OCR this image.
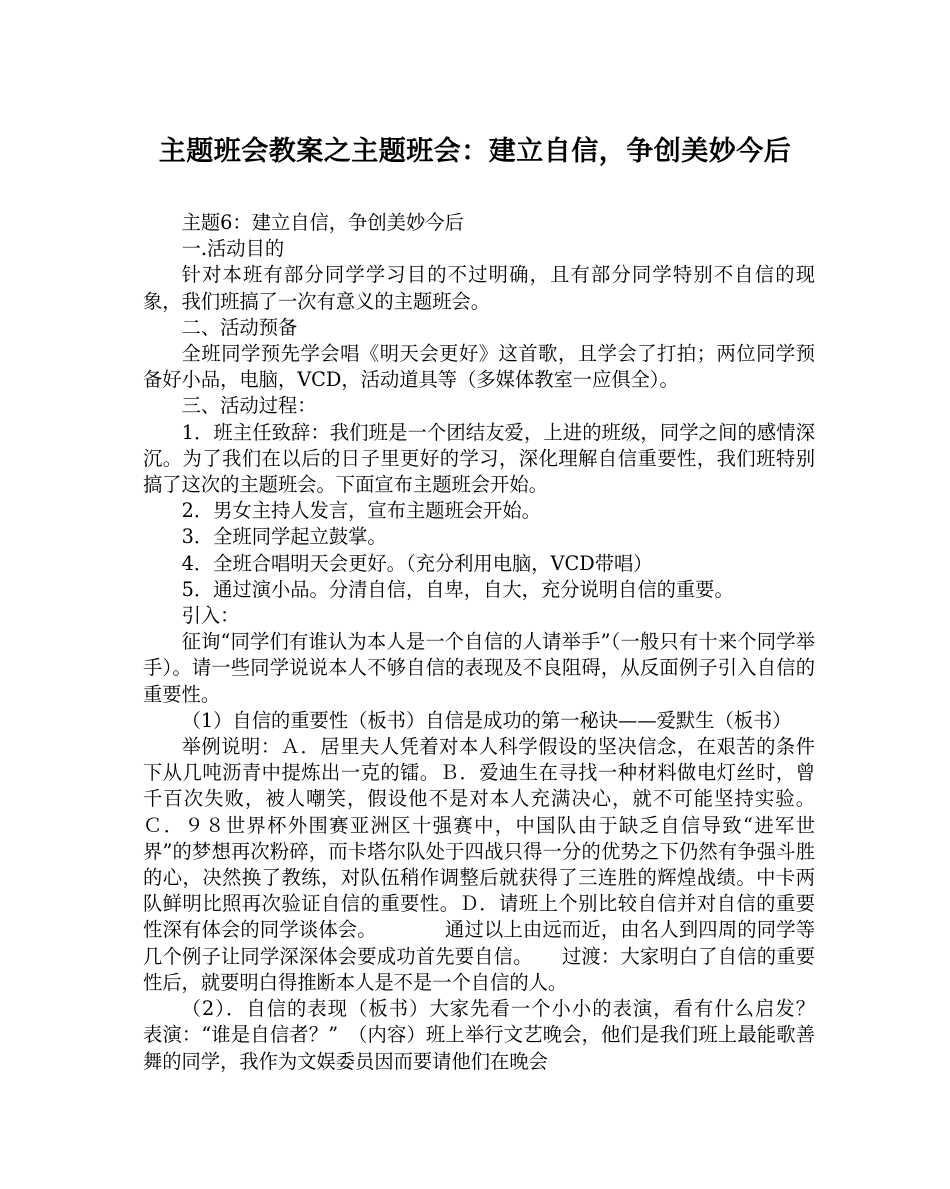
主题班会教案之主题班会：建立自信，争创美妙今后

主题6：建立自信，争创美妙今后

一.活动目的

针对本班有部分同学学习目的不过明确，且有部分同学特别不自信的现象，我们班搞了一次有意义的主题班会。

二、活动预备

全班同学预先学会唱《明天会更好》这首歌，且学会了打拍；两位同学预备好小品，电脑，VCD，活动道具等（多媒体教室一应俱全）。

三、活动过程：

1．班主任致辞：我们班是一个团结友爱，上进的班级，同学之间的感情深沉。为了我们在以后的日子里更好的学习，深化理解自信重要性，我们班特别搞了这次的主题班会。下面宣布主题班会开始。

2．男女主持人发言，宣布主题班会开始。

3．全班同学起立鼓掌。

4．全班合唱明天会更好。（充分利用电脑，VCD带唱）

5．通过演小品。分清自信，自卑，自大，充分说明自信的重要。

引入：

征询“同学们有谁认为本人是一个自信的人请举手”（一般只有十来个同学举手）。请一些同学说说本人不够自信的表现及不良阻碍，从反面例子引入自信的重要性。

（1）自信的重要性（板书）自信是成功的第一秘诀——爱默生（板书）

举例说明：Ａ．居里夫人凭着对本人科学假设的坚决信念，在艰苦的条件下从几吨沥青中提炼出一克的镭。Ｂ．爱迪生在寻找一种材料做电灯丝时，曾千百次失败，被人嘲笑，假设他不是对本人充满决心，就不可能坚持实验。Ｃ．９８世界杯外围赛亚洲区十强赛中，中国队由于缺乏自信导致“进军世界”的梦想再次粉碎，而卡塔尔队处于四战只得一分的优势之下仍然有争强斗胜的心，决然换了教练，对队伍稍作调整后就获得了三连胜的辉煌战绩。中卡两队鲜明比照再次验证自信的重要性。Ｄ．请班上个别比较自信并对自信的重要性深有体会的同学谈体会。　　　　通过以上由远而近，由名人到四周的同学等几个例子让同学深深体会要成功首先要自信。　　过渡：大家明白了自信的重要性后，就要明白得推断本人是不是一个自信的人。

（2）．自信的表现（板书）大家先看一个小小的表演，看有什么启发？　表演：“谁是自信者？”　（内容）班上举行文艺晚会，他们是我们班上最能歌善舞的同学，我作为文娱委员因而要请他们在晚会
